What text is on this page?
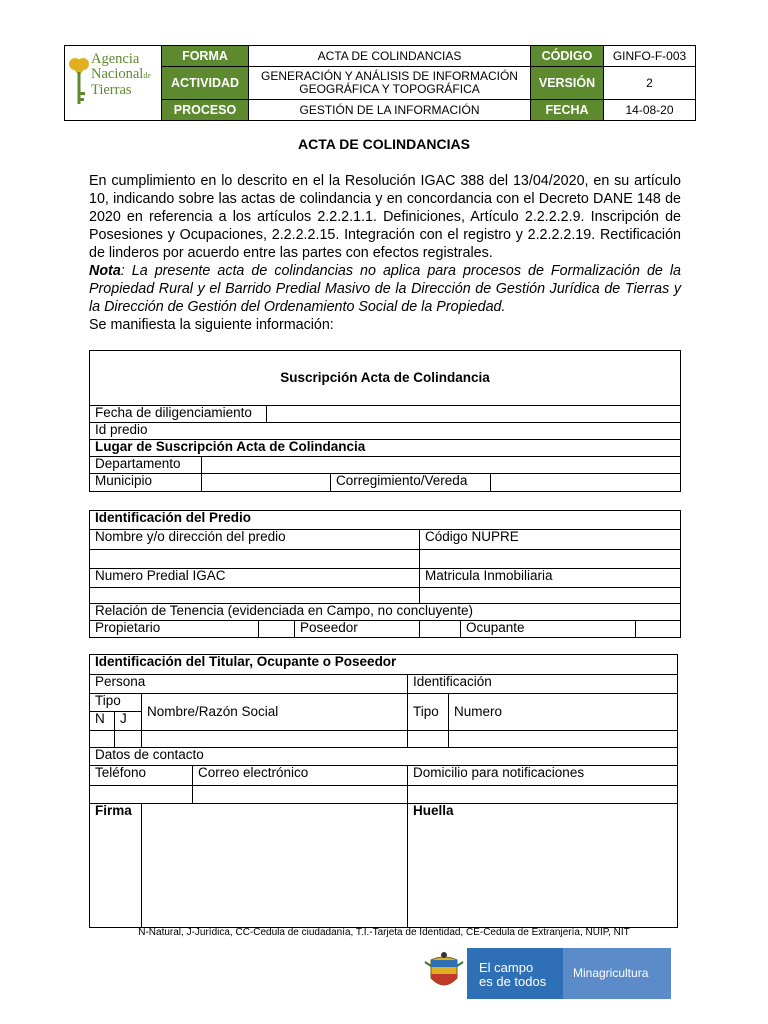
Agencia
Nacionalde
Tierras	FORMA	ACTA DE COLINDANCIAS	CÓDIGO	GINFO-F-003
	ACTIVIDAD	GENERACIÓN Y ANÁLISIS DE INFORMACIÓN GEOGRÁFICA Y TOPOGRÁFICA	VERSIÓN	2
	PROCESO	GESTIÓN DE LA INFORMACIÓN	FECHA	14-08-20
ACTA DE COLINDANCIAS

En cumplimiento en lo descrito en el la Resolución IGAC 388 del 13/04/2020, en su artículo 10, indicando sobre las actas de colindancia y en concordancia con el Decreto DANE 148 de 2020 en referencia a los artículos 2.2.2.1.1. Definiciones, Artículo 2.2.2.2.9. Inscripción de Posesiones y Ocupaciones, 2.2.2.2.15. Integración con el registro y 2.2.2.2.19. Rectificación de linderos por acuerdo entre las partes con efectos registrales.

Nota: La presente acta de colindancias no aplica para procesos de Formalización de la Propiedad Rural y el Barrido Predial Masivo de la Dirección de Gestión Jurídica de Tierras y la Dirección de Gestión del Ordenamiento Social de la Propiedad.

Se manifiesta la siguiente información:

Suscripción Acta de Colindancia				
Fecha de diligenciamiento				
Id predio				
Lugar de Suscripción Acta de Colindancia				
Departamento				
Municipio			Corregimiento/Vereda	
Identificación del Predio					
Nombre y/o dirección del predio			Código NUPRE		

Numero Predial IGAC			Matricula Inmobiliaria		

Relación de Tenencia (evidenciada en Campo, no concluyente)					
Propietario		Poseedor		Ocupante	
Identificación del Titular, Ocupante o Poseedor					
Persona				Identificación	
Tipo		Nombre/Razón Social		Tipo	Numero
N	J				

Datos de contacto					
Teléfono			Correo electrónico	Domicilio para notificaciones	

Firma				Huella	
N-Natural, J-Jurídica, CC-Cedula de ciudadanía, T.I.-Tarjeta de Identidad, CE-Cedula de Extranjería, NUIP, NIT
El campo
es de todos
Minagricultura
